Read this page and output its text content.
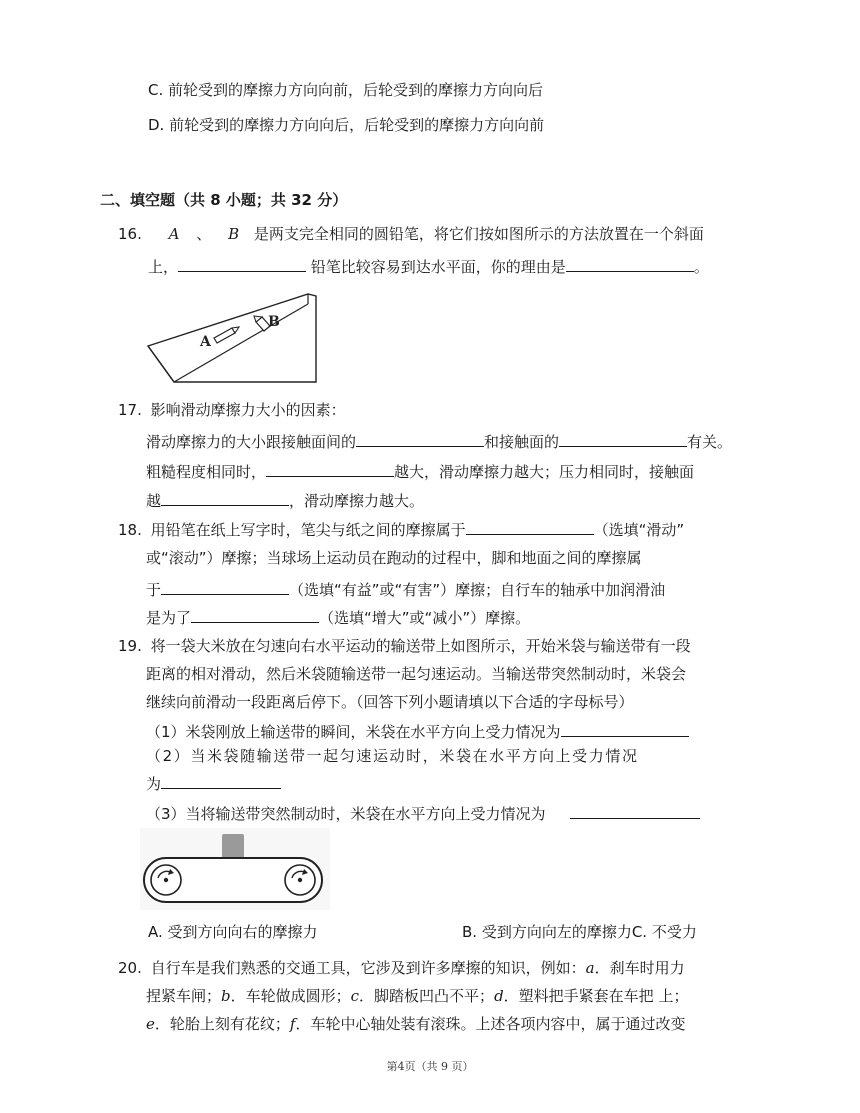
C. 前轮受到的摩擦力方向向前，后轮受到的摩擦力方向向后
D. 前轮受到的摩擦力方向向后，后轮受到的摩擦力方向向前
二、填空题（共 8 小题；共 32 分）
16. A 、 B 是两支完全相同的圆铅笔，将它们按如图所示的方法放置在一个斜面
上，	铅笔比较容易到达水平面，你的理由是	。
A
B
17. 影响滑动摩擦力大小的因素：
滑动摩擦力的大小跟接触面间的	和接触面的	有关。
粗糙程度相同时，	越大，滑动摩擦力越大；压力相同时，接触面
越	，滑动摩擦力越大。
18. 用铅笔在纸上写字时，笔尖与纸之间的摩擦属于	（选填“滑动”
或“滚动”）摩擦；当球场上运动员在跑动的过程中，脚和地面之间的摩擦属
于	（选填“有益”或“有害”）摩擦；自行车的轴承中加润滑油
是为了	（选填“增大”或“减小”）摩擦。
19. 将一袋大米放在匀速向右水平运动的输送带上如图所示，开始米袋与输送带有一段
距离的相对滑动，然后米袋随输送带一起匀速运动。当输送带突然制动时，米袋会
继续向前滑动一段距离后停下。（回答下列小题请填以下合适的字母标号）
（1）米袋刚放上输送带的瞬间，米袋在水平方向上受力情况为
（2）当米袋随输送带一起匀速运动时，米袋在水平方向上受力情况
为
（3）当将输送带突然制动时，米袋在水平方向上受力情况为
A. 受到方向向右的摩擦力	B. 受到方向向左的摩擦力C. 不受力
20. 自行车是我们熟悉的交通工具，它涉及到许多摩擦的知识，例如：a．刹车时用力
捏紧车闸；b．车轮做成圆形；c．脚踏板凹凸不平；d．塑料把手紧套在车把 上；
e．轮胎上刻有花纹；f．车轮中心轴处装有滚珠。上述各项内容中，属于通过改变
第4页（共 9 页）
